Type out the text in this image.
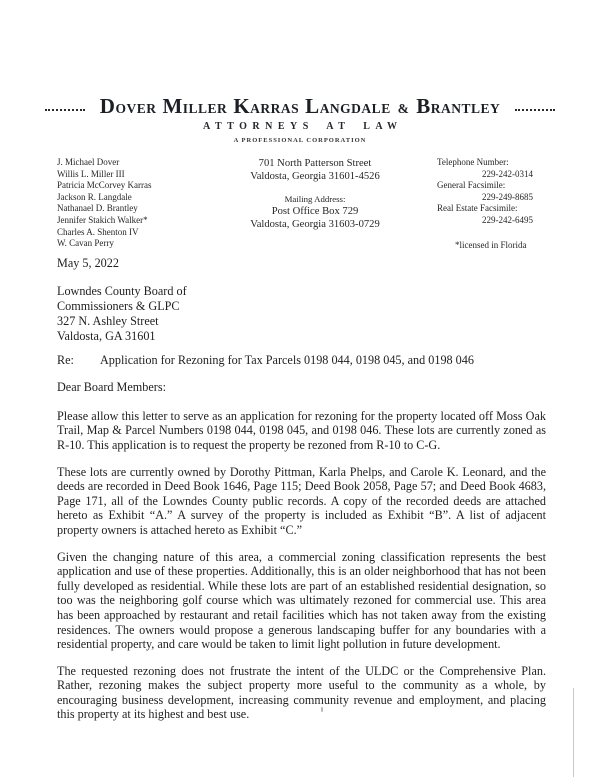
DOVER MILLER KARRAS LANGDALE & BRANTLEY
ATTORNEYS AT LAW
A PROFESSIONAL CORPORATION
J. Michael Dover
Willis L. Miller III
Patricia McCorvey Karras
Jackson R. Langdale
Nathanael D. Brantley
Jennifer Stakich Walker*
Charles A. Shenton IV
W. Cavan Perry
701 North Patterson Street
Valdosta, Georgia 31601-4526
Mailing Address:
Post Office Box 729
Valdosta, Georgia 31603-0729
Telephone Number:
229-242-0314
General Facsimile:
229-249-8685
Real Estate Facsimile:
229-242-6495
*licensed in Florida
May 5, 2022
Lowndes County Board of
Commissioners & GLPC
327 N. Ashley Street
Valdosta, GA 31601
Re:	Application for Rezoning for Tax Parcels 0198 044, 0198 045, and 0198 046
Dear Board Members:

Please allow this letter to serve as an application for rezoning for the property located off Moss Oak Trail, Map & Parcel Numbers 0198 044, 0198 045, and 0198 046. These lots are currently zoned as R-10. This application is to request the property be rezoned from R-10 to C-G.

These lots are currently owned by Dorothy Pittman, Karla Phelps, and Carole K. Leonard, and the deeds are recorded in Deed Book 1646, Page 115; Deed Book 2058, Page 57; and Deed Book 4683, Page 171, all of the Lowndes County public records. A copy of the recorded deeds are attached hereto as Exhibit “A.” A survey of the property is included as Exhibit “B”. A list of adjacent property owners is attached hereto as Exhibit “C.”

Given the changing nature of this area, a commercial zoning classification represents the best application and use of these properties. Additionally, this is an older neighborhood that has not been fully developed as residential. While these lots are part of an established residential designation, so too was the neighboring golf course which was ultimately rezoned for commercial use. This area has been approached by restaurant and retail facilities which has not taken away from the existing residences. The owners would propose a generous landscaping buffer for any boundaries with a residential property, and care would be taken to limit light pollution in future development.

The requested rezoning does not frustrate the intent of the ULDC or the Comprehensive Plan. Rather, rezoning makes the subject property more useful to the community as a whole, by encouraging business development, increasing community revenue and employment, and placing this property at its highest and best use.
